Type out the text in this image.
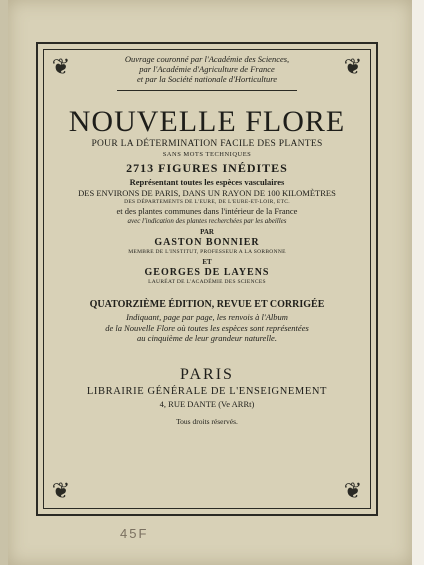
❦	❦
❦	❦
Ouvrage couronné par l'Académie des Sciences,
par l'Académie d'Agriculture de France
et par la Société nationale d'Horticulture
NOUVELLE FLORE
POUR LA DÉTERMINATION FACILE DES PLANTES
SANS MOTS TECHNIQUES
2713 FIGURES INÉDITES
Représentant toutes les espèces vasculaires
DES ENVIRONS DE PARIS, DANS UN RAYON DE 100 KILOMÈTRES
DES DÉPARTEMENTS DE L'EURE, DE L'EURE-ET-LOIR, ETC.
et des plantes communes dans l'intérieur de la France
avec l'indication des plantes recherchées par les abeilles
PAR
GASTON BONNIER
MEMBRE DE L'INSTITUT, PROFESSEUR A LA SORBONNE
ET
GEORGES DE LAYENS
LAURÉAT DE L'ACADÉMIE DES SCIENCES
QUATORZIÈME ÉDITION, REVUE ET CORRIGÉE
Indiquant, page par page, les renvois à l'Album
de la Nouvelle Flore où toutes les espèces sont représentées
au cinquième de leur grandeur naturelle.
PARIS
LIBRAIRIE GÉNÉRALE DE L'ENSEIGNEMENT
4, RUE DANTE (Ve ARRt)
Tous droits réservés.
45F
